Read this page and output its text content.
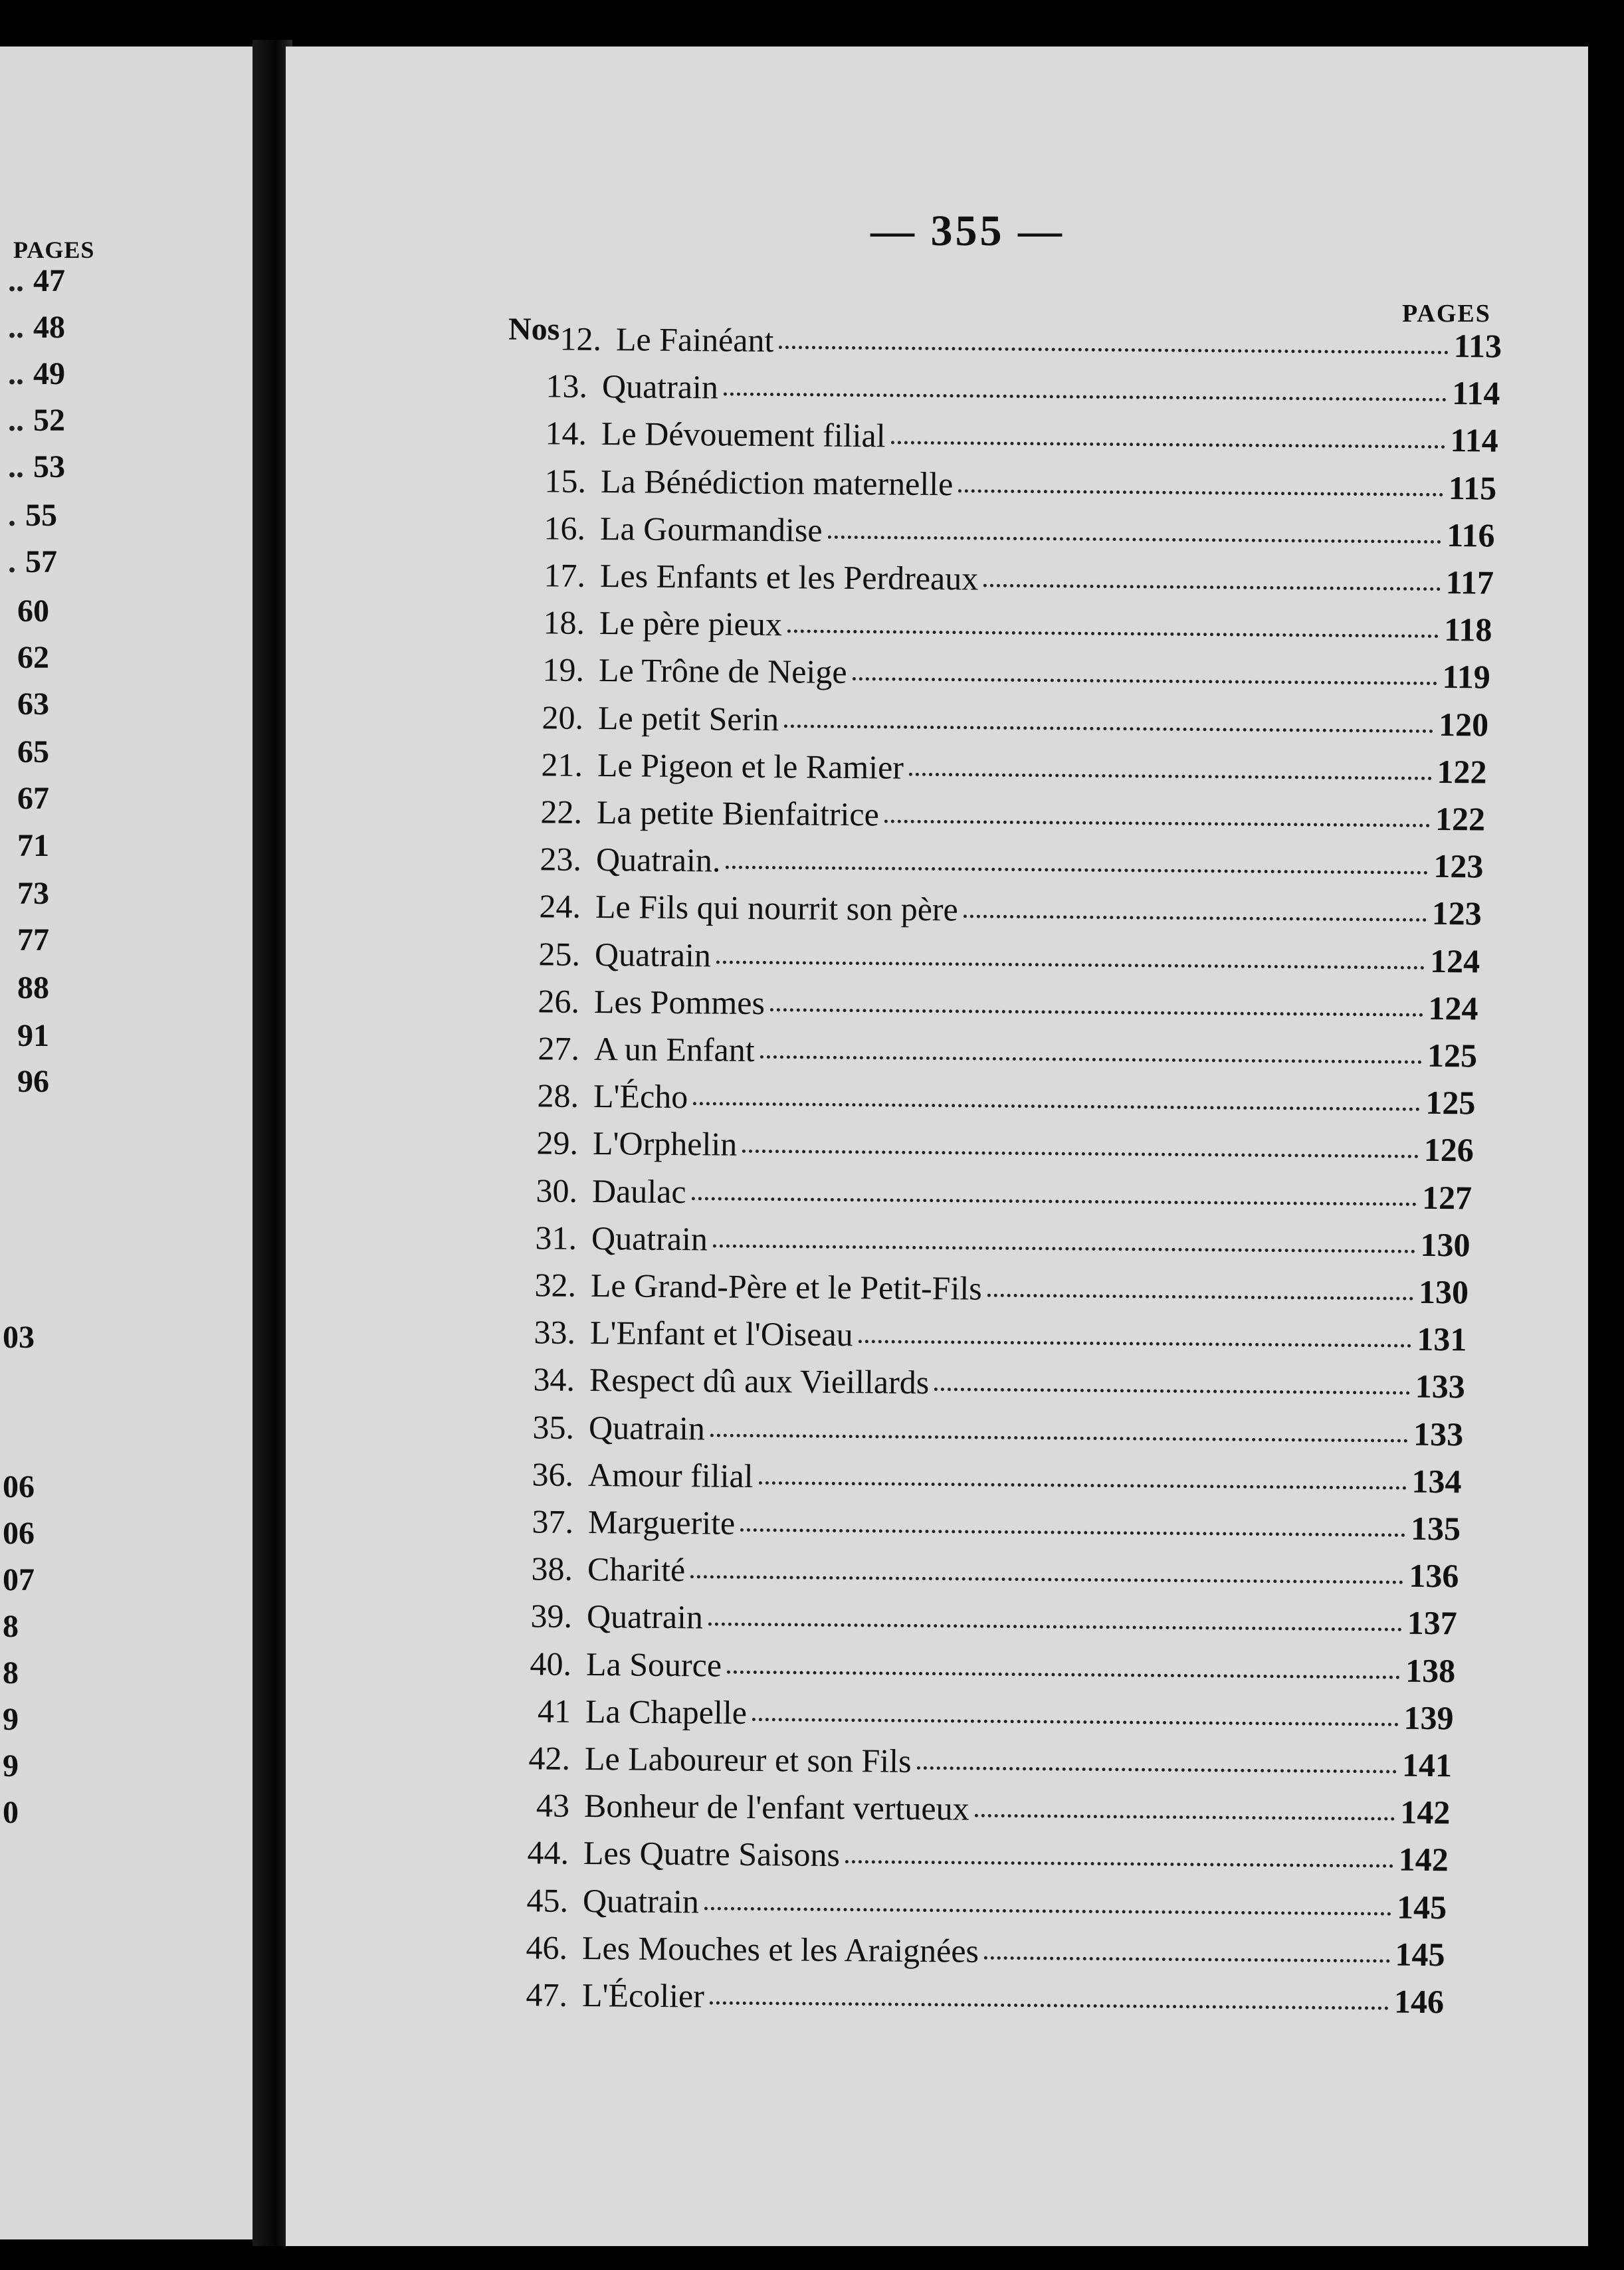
PAGES
.. 47
.. 48
.. 49
.. 52
.. 53
. 55
. 57
60
62
63
65
67
71
73
77
88
91
96
03
06
06
07
8
8
9
9
0
— 355 —
PAGES
Nos 12. Le Fainéant	113
13. Quatrain	114
14. Le Dévouement filial	114
15. La Bénédiction maternelle	115
16. La Gourmandise	116
17. Les Enfants et les Perdreaux	117
18. Le père pieux	118
19. Le Trône de Neige	119
20. Le petit Serin	120
21. Le Pigeon et le Ramier	122
22. La petite Bienfaitrice	122
23. Quatrain.	123
24. Le Fils qui nourrit son père	123
25. Quatrain	124
26. Les Pommes	124
27. A un Enfant	125
28. L'Écho	125
29. L'Orphelin	126
30. Daulac	127
31. Quatrain	130
32. Le Grand-Père et le Petit-Fils	130
33. L'Enfant et l'Oiseau	131
34. Respect dû aux Vieillards	133
35. Quatrain	133
36. Amour filial	134
37. Marguerite	135
38. Charité	136
39. Quatrain	137
40. La Source	138
41 La Chapelle	139
42. Le Laboureur et son Fils	141
43 Bonheur de l'enfant vertueux	142
44. Les Quatre Saisons	142
45. Quatrain	145
46. Les Mouches et les Araignées	145
47. L'Écolier	146
